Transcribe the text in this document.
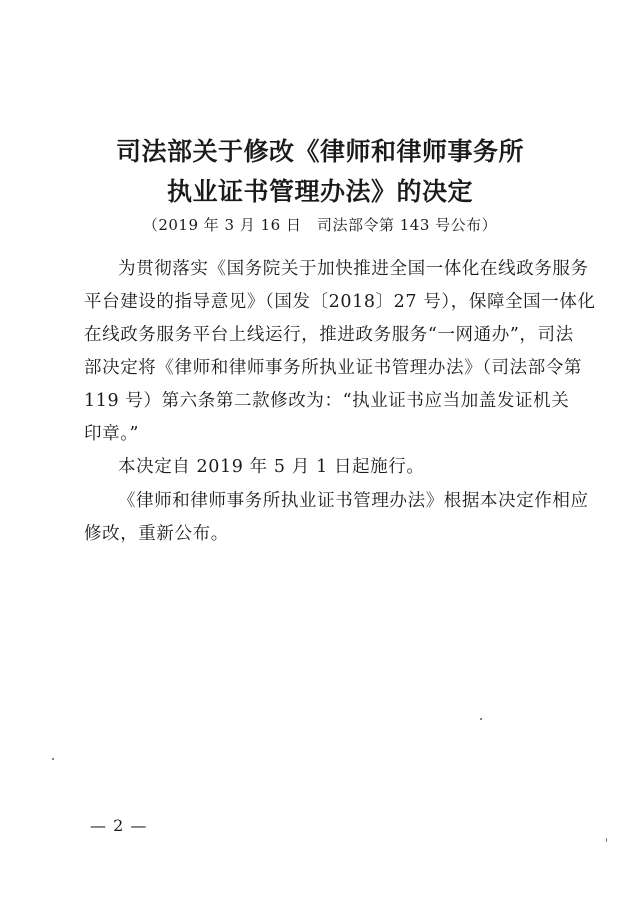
司法部关于修改《律师和律师事务所
执业证书管理办法》的决定
（2019 年 3 月 16 日　司法部令第 143 号公布）
为贯彻落实《国务院关于加快推进全国一体化在线政务服务
平台建设的指导意见》（国发〔2018〕27 号），保障全国一体化
在线政务服务平台上线运行，推进政务服务“一网通办”，司法
部决定将《律师和律师事务所执业证书管理办法》（司法部令第
119 号）第六条第二款修改为：“执业证书应当加盖发证机关
印章。”
本决定自 2019 年 5 月 1 日起施行。
《律师和律师事务所执业证书管理办法》根据本决定作相应
修改，重新公布。
— 2 —
